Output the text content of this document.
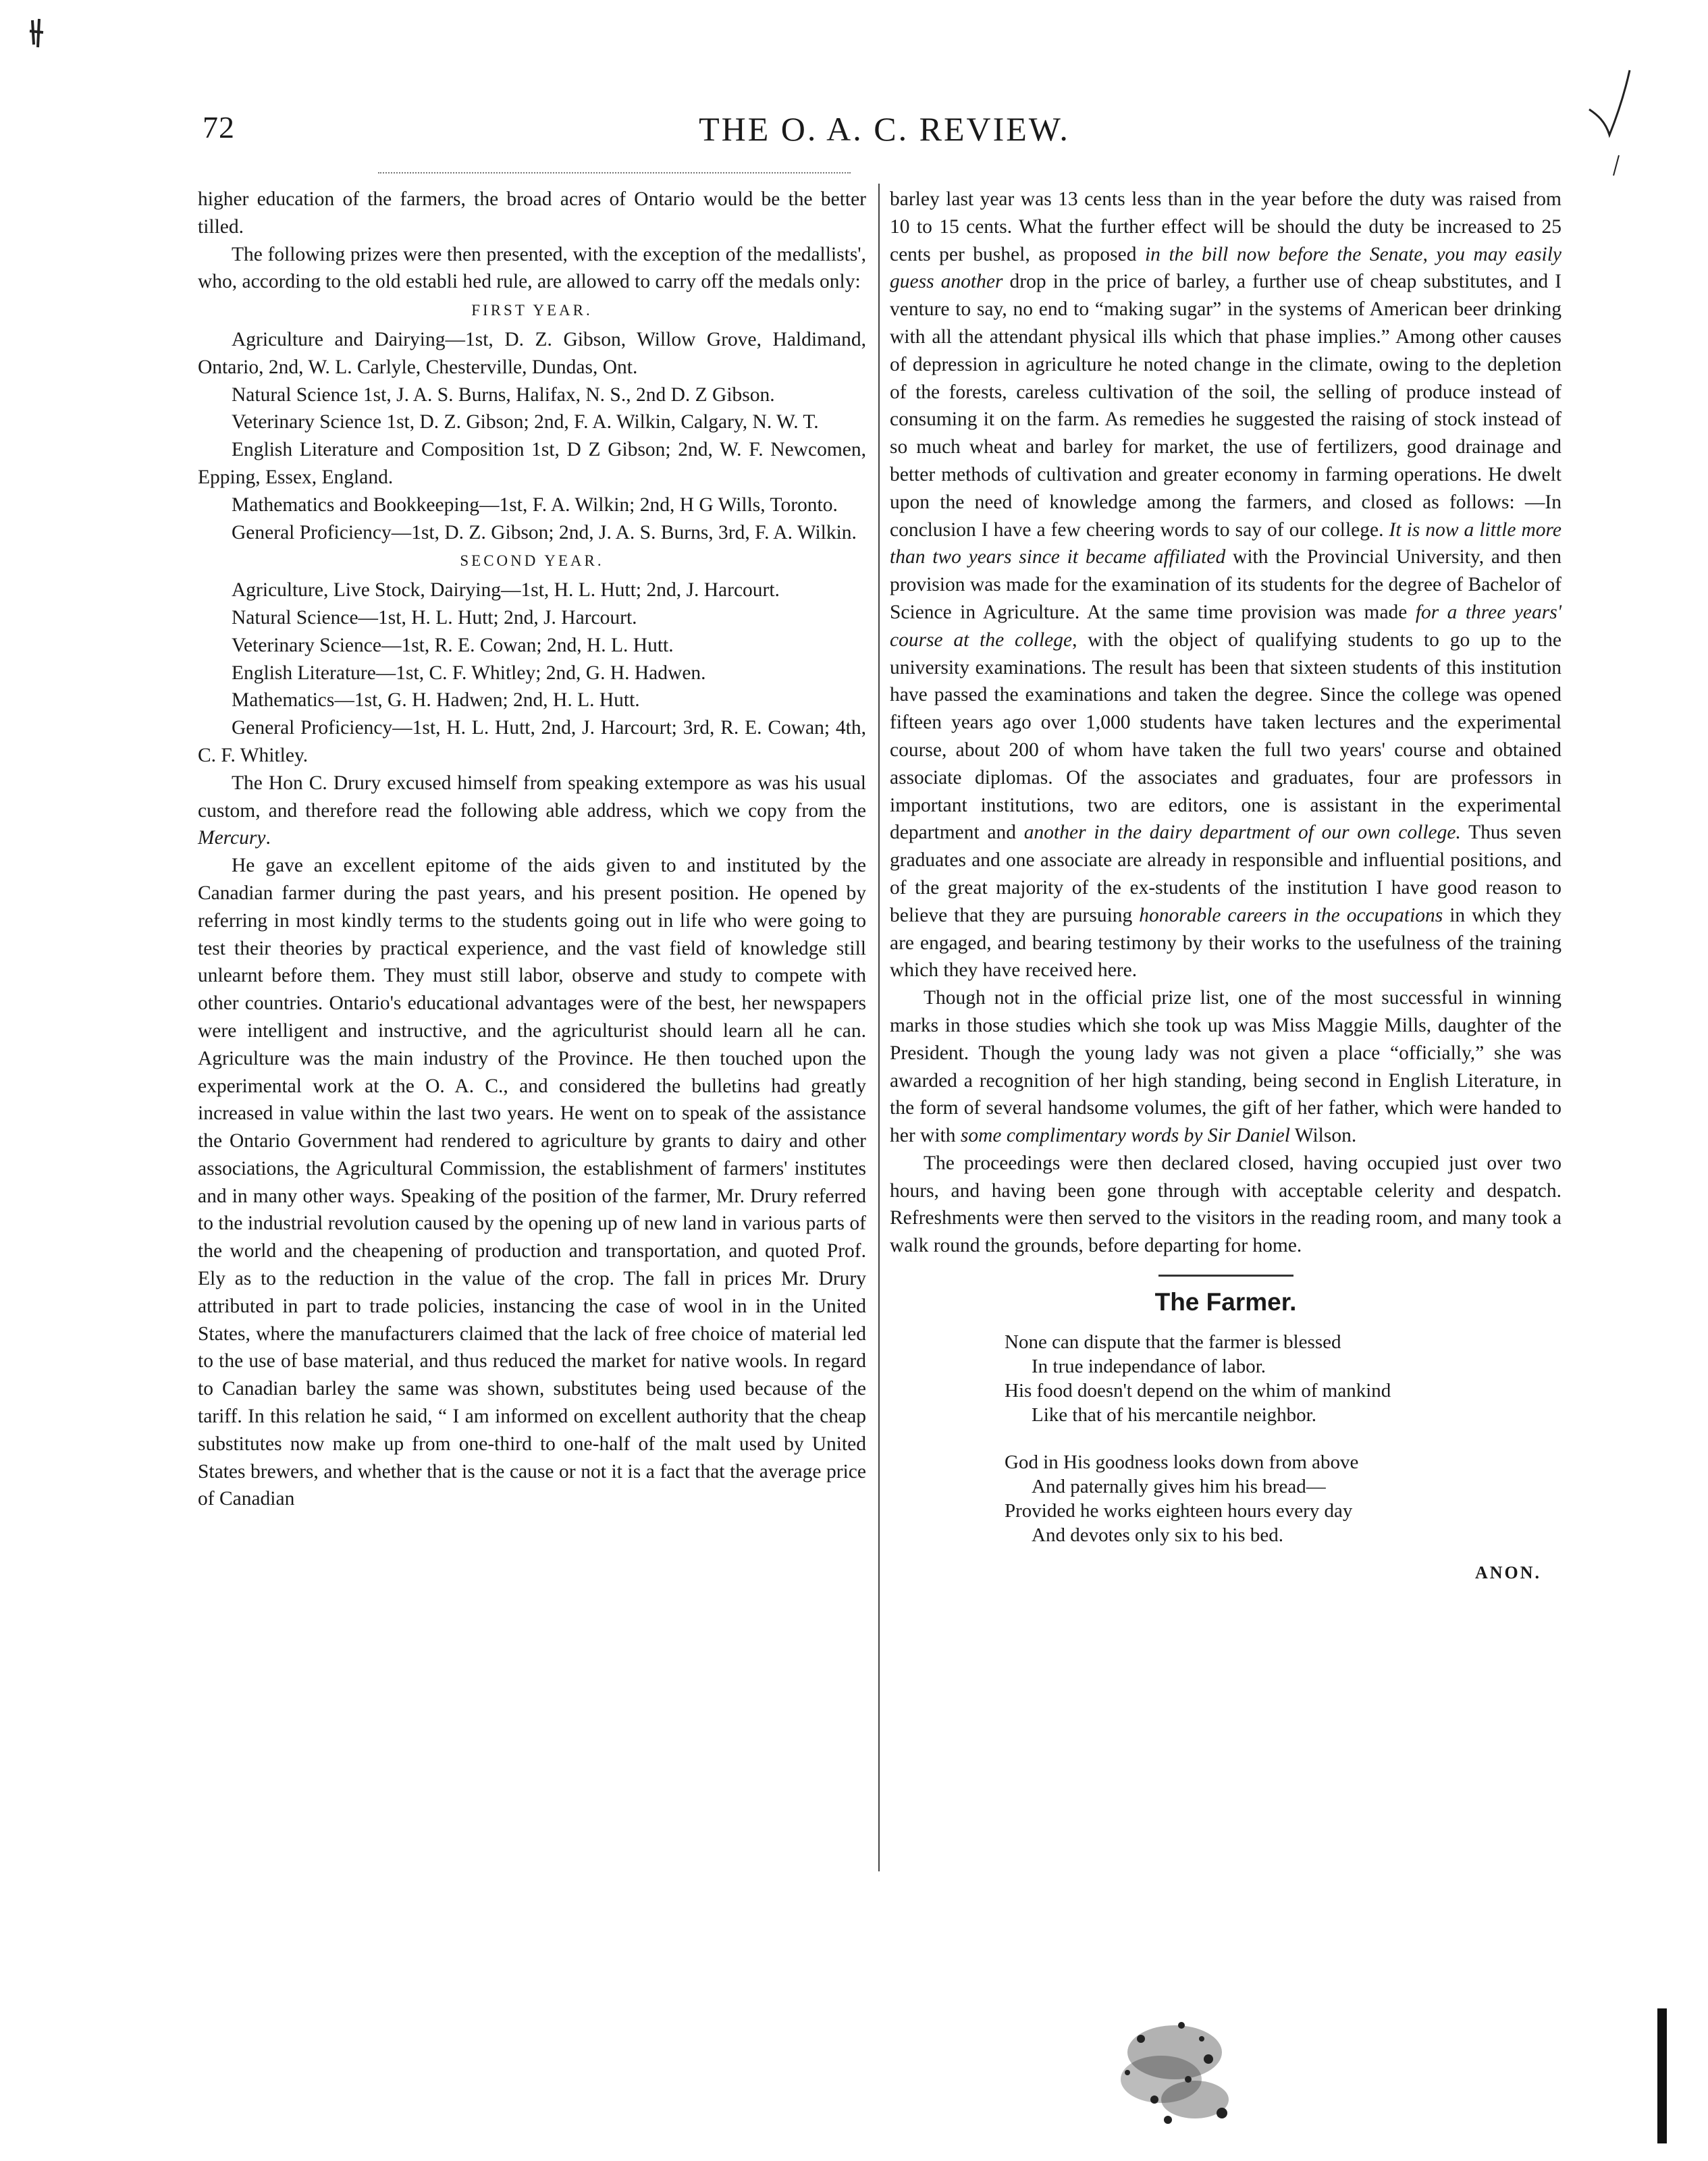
72	THE O. A. C. REVIEW.

higher education of the farmers, the broad acres of Ontario would be the better tilled.

The following prizes were then presented, with the exception of the medallists', who, according to the old establi hed rule, are allowed to carry off the medals only:

FIRST YEAR.

Agriculture and Dairying—1st, D. Z. Gibson, Willow Grove, Haldimand, Ontario, 2nd, W. L. Carlyle, Chesterville, Dundas, Ont.

Natural Science 1st, J. A. S. Burns, Halifax, N. S., 2nd D. Z Gibson.

Veterinary Science 1st, D. Z. Gibson; 2nd, F. A. Wilkin, Calgary, N. W. T.

English Literature and Composition 1st, D Z Gibson; 2nd, W. F. Newcomen, Epping, Essex, England.

Mathematics and Bookkeeping—1st, F. A. Wilkin; 2nd, H G Wills, Toronto.

General Proficiency—1st, D. Z. Gibson; 2nd, J. A. S. Burns, 3rd, F. A. Wilkin.

SECOND YEAR.

Agriculture, Live Stock, Dairying—1st, H. L. Hutt; 2nd, J. Harcourt.

Natural Science—1st, H. L. Hutt; 2nd, J. Harcourt.

Veterinary Science—1st, R. E. Cowan; 2nd, H. L. Hutt.

English Literature—1st, C. F. Whitley; 2nd, G. H. Hadwen.

Mathematics—1st, G. H. Hadwen; 2nd, H. L. Hutt.

General Proficiency—1st, H. L. Hutt, 2nd, J. Harcourt; 3rd, R. E. Cowan; 4th, C. F. Whitley.

The Hon C. Drury excused himself from speaking extempore as was his usual custom, and therefore read the following able address, which we copy from the Mercury.

He gave an excellent epitome of the aids given to and instituted by the Canadian farmer during the past years, and his present position. He opened by referring in most kindly terms to the students going out in life who were going to test their theories by practical experience, and the vast field of knowledge still unlearnt before them. They must still labor, observe and study to compete with other countries. Ontario's educational advantages were of the best, her newspapers were intelligent and instructive, and the agriculturist should learn all he can. Agriculture was the main industry of the Province. He then touched upon the experimental work at the O. A. C., and considered the bulletins had greatly increased in value within the last two years. He went on to speak of the assistance the Ontario Government had rendered to agriculture by grants to dairy and other associations, the Agricultural Commission, the establishment of farmers' institutes and in many other ways. Speaking of the position of the farmer, Mr. Drury referred to the industrial revolution caused by the opening up of new land in various parts of the world and the cheapening of production and transportation, and quoted Prof. Ely as to the reduction in the value of the crop. The fall in prices Mr. Drury attributed in part to trade policies, instancing the case of wool in in the United States, where the manufacturers claimed that the lack of free choice of material led to the use of base material, and thus reduced the market for native wools. In regard to Canadian barley the same was shown, substitutes being used because of the tariff. In this relation he said, “ I am informed on excellent authority that the cheap substitutes now make up from one-third to one-half of the malt used by United States brewers, and whether that is the cause or not it is a fact that the average price of Canadian

barley last year was 13 cents less than in the year before the duty was raised from 10 to 15 cents. What the further effect will be should the duty be increased to 25 cents per bushel, as proposed in the bill now before the Senate, you may easily guess another drop in the price of barley, a further use of cheap substitutes, and I venture to say, no end to “making sugar” in the systems of American beer drinking with all the attendant physical ills which that phase implies.” Among other causes of depression in agriculture he noted change in the climate, owing to the depletion of the forests, careless cultivation of the soil, the selling of produce instead of consuming it on the farm. As remedies he suggested the raising of stock instead of so much wheat and barley for market, the use of fertilizers, good drainage and better methods of cultivation and greater economy in farming operations. He dwelt upon the need of knowledge among the farmers, and closed as follows: —In conclusion I have a few cheering words to say of our college. It is now a little more than two years since it became affiliated with the Provincial University, and then provision was made for the examination of its students for the degree of Bachelor of Science in Agriculture. At the same time provision was made for a three years' course at the college, with the object of qualifying students to go up to the university examinations. The result has been that sixteen students of this institution have passed the examinations and taken the degree. Since the college was opened fifteen years ago over 1,000 students have taken lectures and the experimental course, about 200 of whom have taken the full two years' course and obtained associate diplomas. Of the associates and graduates, four are professors in important institutions, two are editors, one is assistant in the experimental department and another in the dairy department of our own college. Thus seven graduates and one associate are already in responsible and influential positions, and of the great majority of the ex-students of the institution I have good reason to believe that they are pursuing honorable careers in the occupations in which they are engaged, and bearing testimony by their works to the usefulness of the training which they have received here.

Though not in the official prize list, one of the most successful in winning marks in those studies which she took up was Miss Maggie Mills, daughter of the President. Though the young lady was not given a place “officially,” she was awarded a recognition of her high standing, being second in English Literature, in the form of several handsome volumes, the gift of her father, which were handed to her with some complimentary words by Sir Daniel Wilson.

The proceedings were then declared closed, having occupied just over two hours, and having been gone through with acceptable celerity and despatch. Refreshments were then served to the visitors in the reading room, and many took a walk round the grounds, before departing for home.

The Farmer.
None can dispute that the farmer is blessed
In true independance of labor.
His food doesn't depend on the whim of mankind
Like that of his mercantile neighbor.
God in His goodness looks down from above
And paternally gives him his bread—
Provided he works eighteen hours every day
And devotes only six to his bed.
ANON.
